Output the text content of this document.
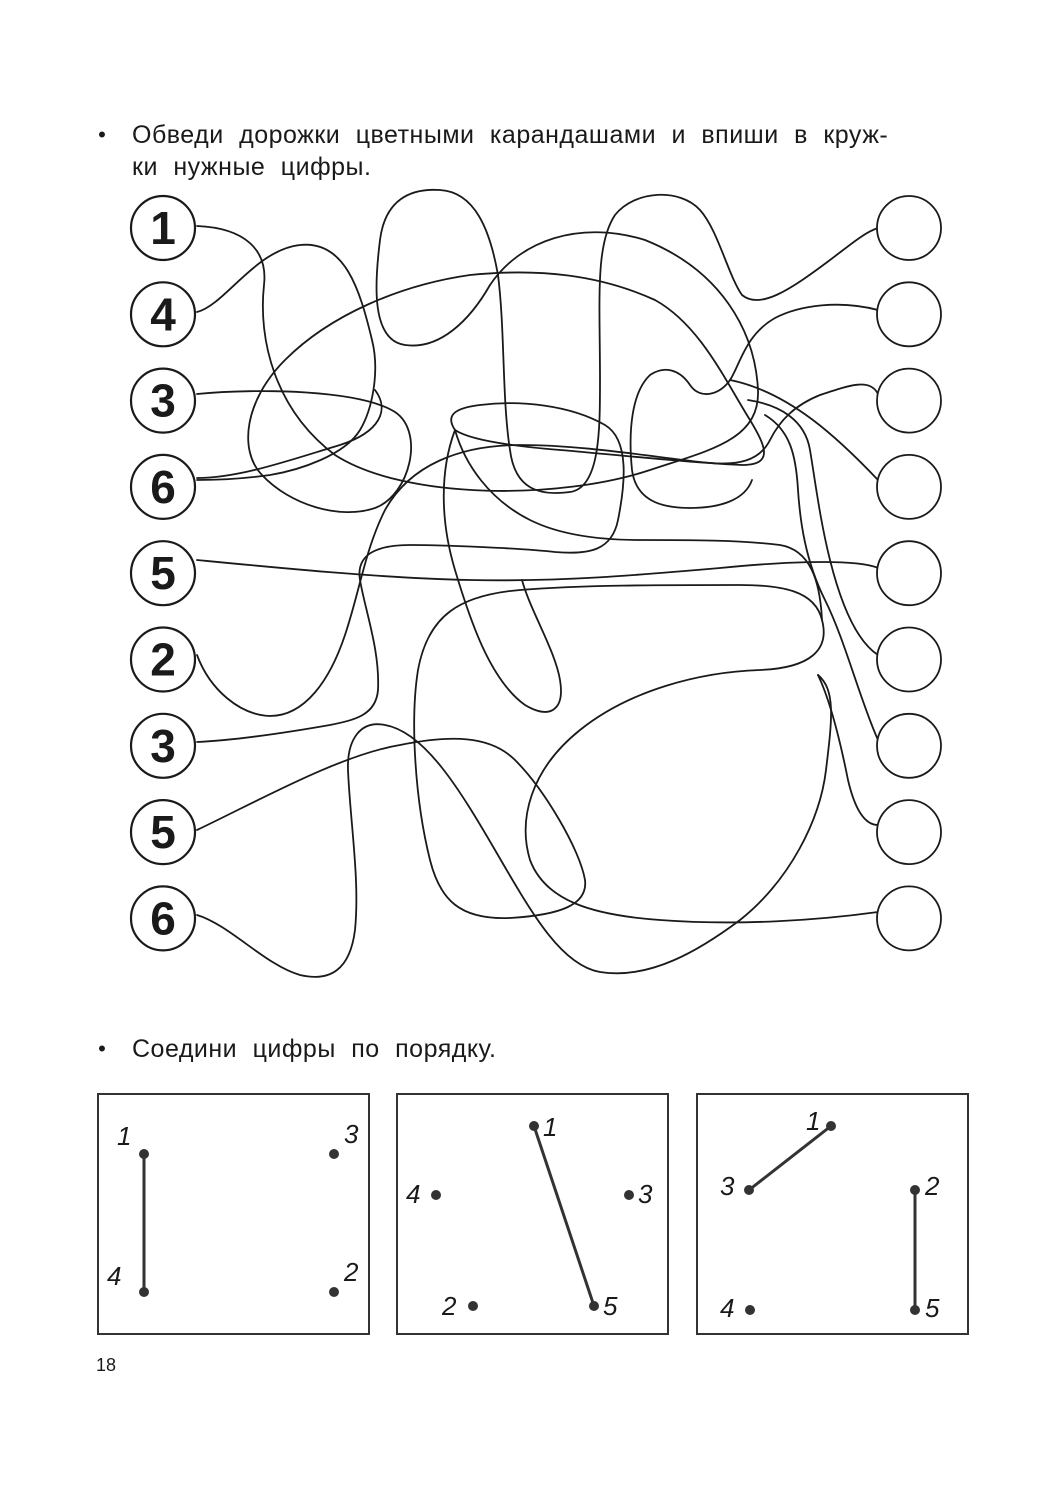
•	Обведи дорожки цветными карандашами и впиши в круж-
ки нужные цифры.
1
4
3
6
5
2
3
5
6
•	Соедини цифры по порядку.
1	3
4	2
1
4	3
2	5
1
3	2
4	5
18
